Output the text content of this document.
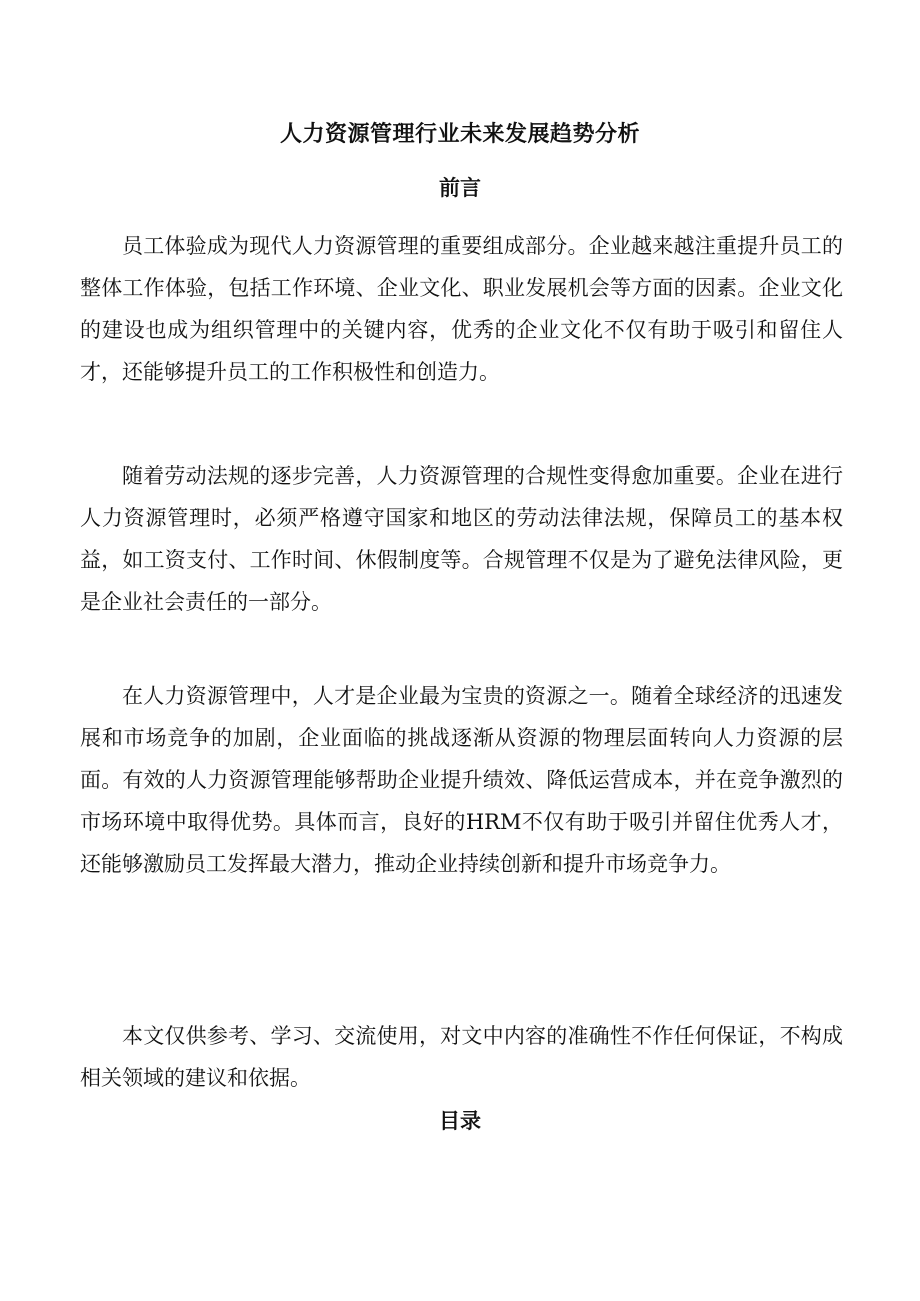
人力资源管理行业未来发展趋势分析
前言

员工体验成为现代人力资源管理的重要组成部分。企业越来越注重提升员工的整体工作体验，包括工作环境、企业文化、职业发展机会等方面的因素。企业文化的建设也成为组织管理中的关键内容，优秀的企业文化不仅有助于吸引和留住人才，还能够提升员工的工作积极性和创造力。

随着劳动法规的逐步完善，人力资源管理的合规性变得愈加重要。企业在进行人力资源管理时，必须严格遵守国家和地区的劳动法律法规，保障员工的基本权益，如工资支付、工作时间、休假制度等。合规管理不仅是为了避免法律风险，更是企业社会责任的一部分。

在人力资源管理中，人才是企业最为宝贵的资源之一。随着全球经济的迅速发展和市场竞争的加剧，企业面临的挑战逐渐从资源的物理层面转向人力资源的层面。有效的人力资源管理能够帮助企业提升绩效、降低运营成本，并在竞争激烈的市场环境中取得优势。具体而言，良好的HRM不仅有助于吸引并留住优秀人才，还能够激励员工发挥最大潜力，推动企业持续创新和提升市场竞争力。

本文仅供参考、学习、交流使用，对文中内容的准确性不作任何保证，不构成相关领域的建议和依据。

目录
